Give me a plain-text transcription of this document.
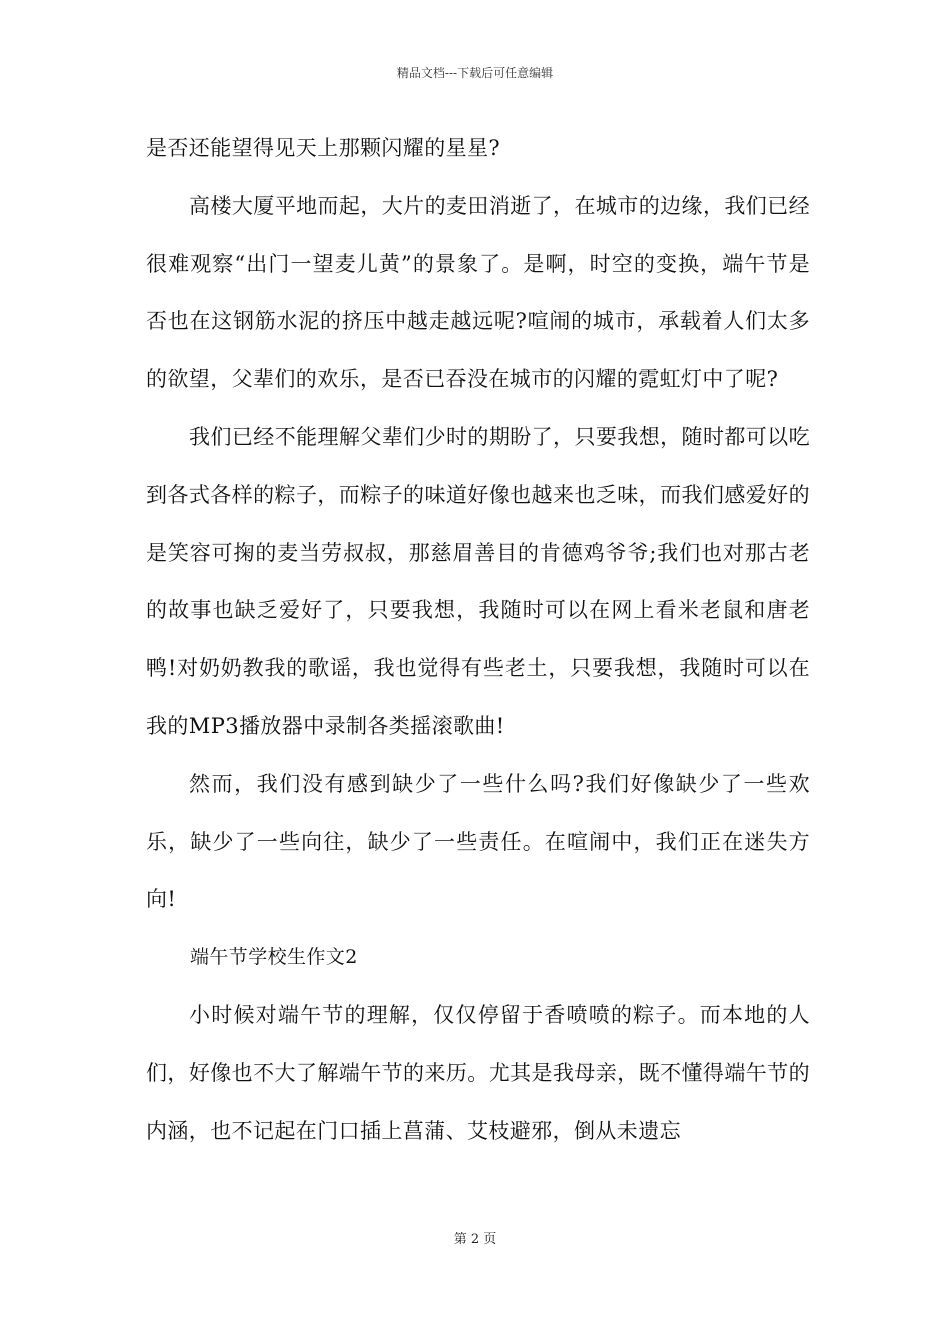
精品文档---下载后可任意编辑

是否还能望得见天上那颗闪耀的星星?

高楼大厦平地而起，大片的麦田消逝了，在城市的边缘，我们已经很难观察“出门一望麦儿黄”的景象了。是啊，时空的变换，端午节是否也在这钢筋水泥的挤压中越走越远呢?喧闹的城市，承载着人们太多的欲望，父辈们的欢乐，是否已吞没在城市的闪耀的霓虹灯中了呢?

我们已经不能理解父辈们少时的期盼了，只要我想，随时都可以吃到各式各样的粽子，而粽子的味道好像也越来也乏味，而我们感爱好的是笑容可掬的麦当劳叔叔，那慈眉善目的肯德鸡爷爷;我们也对那古老的故事也缺乏爱好了，只要我想，我随时可以在网上看米老鼠和唐老鸭!对奶奶教我的歌谣，我也觉得有些老土，只要我想，我随时可以在我的MP3播放器中录制各类摇滚歌曲!

然而，我们没有感到缺少了一些什么吗?我们好像缺少了一些欢乐，缺少了一些向往，缺少了一些责任。在喧闹中，我们正在迷失方向!

端午节学校生作文2

小时候对端午节的理解，仅仅停留于香喷喷的粽子。而本地的人们，好像也不大了解端午节的来历。尤其是我母亲，既不懂得端午节的内涵，也不记起在门口插上菖蒲、艾枝避邪，倒从未遗忘

第 2 页
